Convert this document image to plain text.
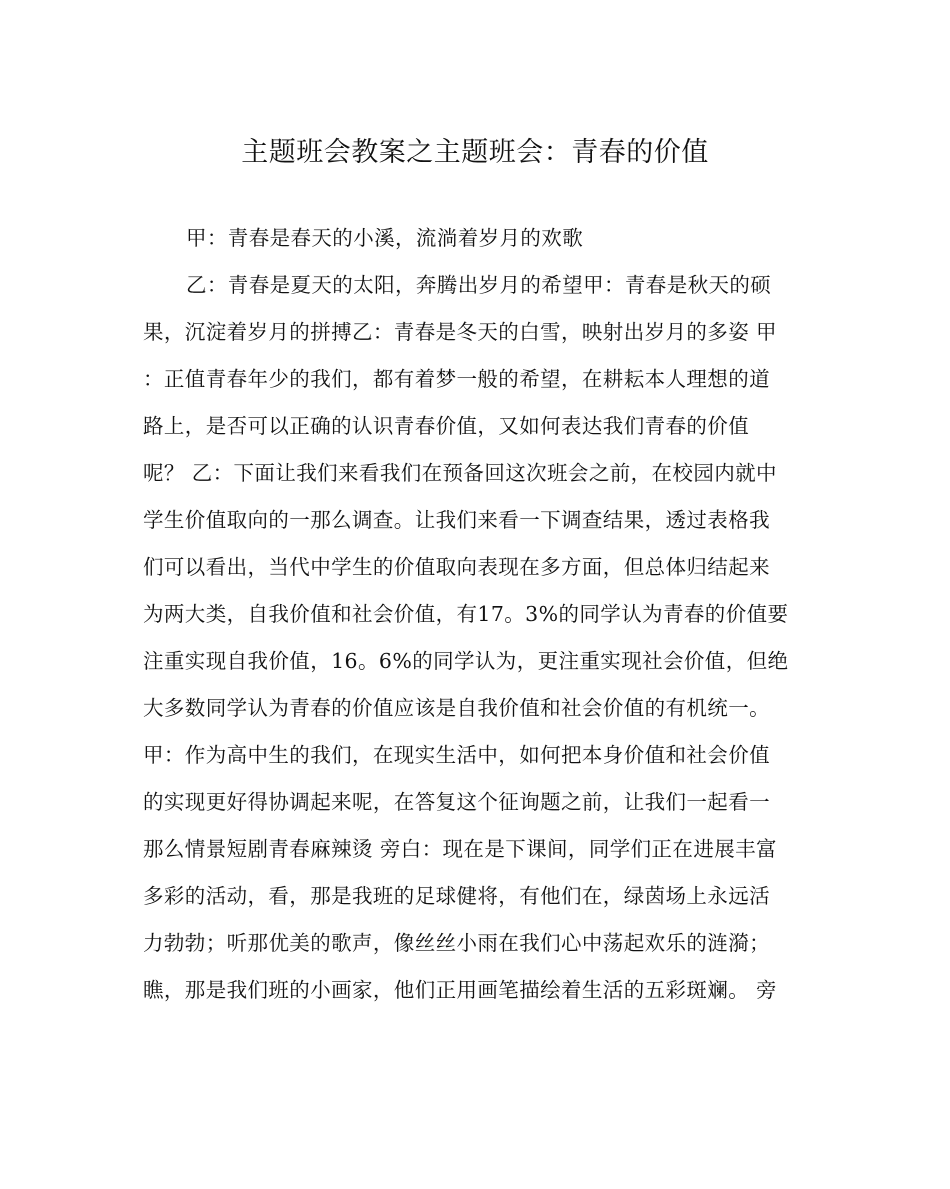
主题班会教案之主题班会：青春的价值
甲：青春是春天的小溪，流淌着岁月的欢歌
乙：青春是夏天的太阳，奔腾出岁月的希望甲：青春是秋天的硕
果，沉淀着岁月的拼搏乙：青春是冬天的白雪，映射出岁月的多姿 甲
：正值青春年少的我们，都有着梦一般的希望，在耕耘本人理想的道
路上，是否可以正确的认识青春价值，又如何表达我们青春的价值
呢？ 乙：下面让我们来看我们在预备回这次班会之前，在校园内就中
学生价值取向的一那么调查。让我们来看一下调查结果，透过表格我
们可以看出，当代中学生的价值取向表现在多方面，但总体归结起来
为两大类，自我价值和社会价值，有17。3%的同学认为青春的价值要
注重实现自我价值，16。6%的同学认为，更注重实现社会价值，但绝
大多数同学认为青春的价值应该是自我价值和社会价值的有机统一。
甲：作为高中生的我们，在现实生活中，如何把本身价值和社会价值
的实现更好得协调起来呢，在答复这个征询题之前，让我们一起看一
那么情景短剧青春麻辣烫 旁白：现在是下课间，同学们正在进展丰富
多彩的活动，看，那是我班的足球健将，有他们在，绿茵场上永远活
力勃勃；听那优美的歌声，像丝丝小雨在我们心中荡起欢乐的涟漪；
瞧，那是我们班的小画家，他们正用画笔描绘着生活的五彩斑斓。 旁
